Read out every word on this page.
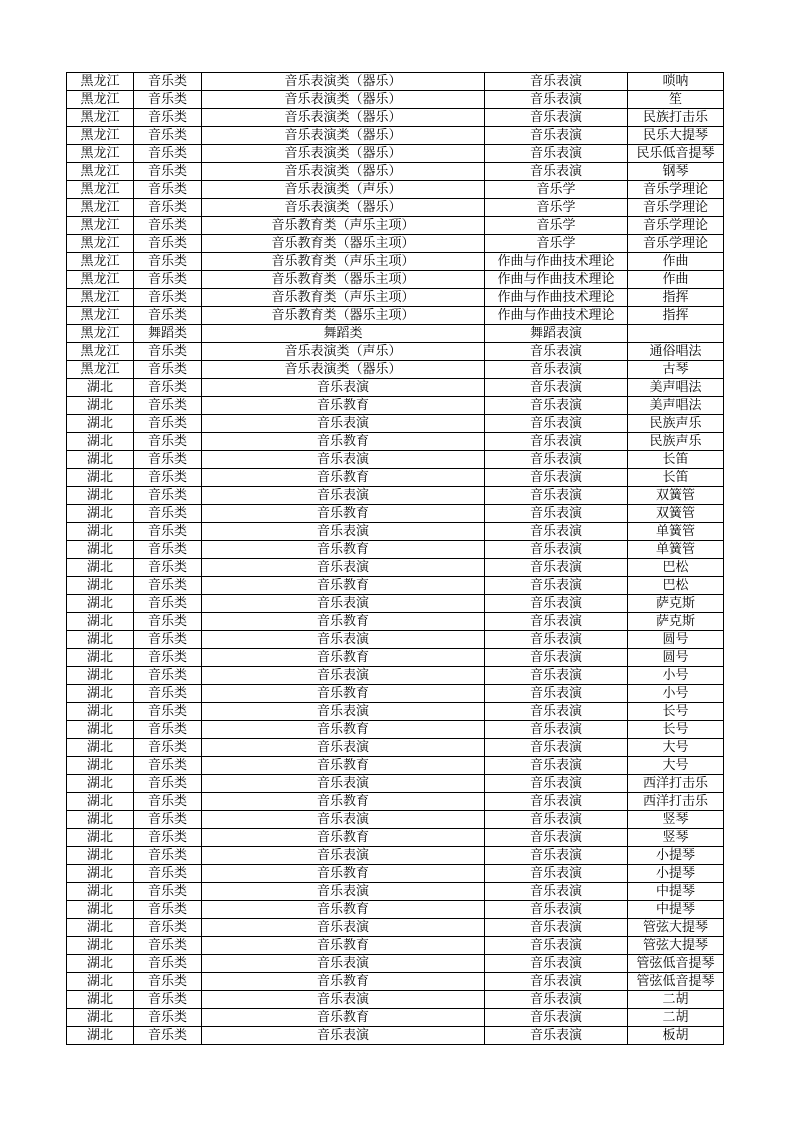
黑龙江	音乐类	音乐表演类（器乐）	音乐表演	唢呐
黑龙江	音乐类	音乐表演类（器乐）	音乐表演	笙
黑龙江	音乐类	音乐表演类（器乐）	音乐表演	民族打击乐
黑龙江	音乐类	音乐表演类（器乐）	音乐表演	民乐大提琴
黑龙江	音乐类	音乐表演类（器乐）	音乐表演	民乐低音提琴
黑龙江	音乐类	音乐表演类（器乐）	音乐表演	钢琴
黑龙江	音乐类	音乐表演类（声乐）	音乐学	音乐学理论
黑龙江	音乐类	音乐表演类（器乐）	音乐学	音乐学理论
黑龙江	音乐类	音乐教育类（声乐主项）	音乐学	音乐学理论
黑龙江	音乐类	音乐教育类（器乐主项）	音乐学	音乐学理论
黑龙江	音乐类	音乐教育类（声乐主项）	作曲与作曲技术理论	作曲
黑龙江	音乐类	音乐教育类（器乐主项）	作曲与作曲技术理论	作曲
黑龙江	音乐类	音乐教育类（声乐主项）	作曲与作曲技术理论	指挥
黑龙江	音乐类	音乐教育类（器乐主项）	作曲与作曲技术理论	指挥
黑龙江	舞蹈类	舞蹈类	舞蹈表演	
黑龙江	音乐类	音乐表演类（声乐）	音乐表演	通俗唱法
黑龙江	音乐类	音乐表演类（器乐）	音乐表演	古琴
湖北	音乐类	音乐表演	音乐表演	美声唱法
湖北	音乐类	音乐教育	音乐表演	美声唱法
湖北	音乐类	音乐表演	音乐表演	民族声乐
湖北	音乐类	音乐教育	音乐表演	民族声乐
湖北	音乐类	音乐表演	音乐表演	长笛
湖北	音乐类	音乐教育	音乐表演	长笛
湖北	音乐类	音乐表演	音乐表演	双簧管
湖北	音乐类	音乐教育	音乐表演	双簧管
湖北	音乐类	音乐表演	音乐表演	单簧管
湖北	音乐类	音乐教育	音乐表演	单簧管
湖北	音乐类	音乐表演	音乐表演	巴松
湖北	音乐类	音乐教育	音乐表演	巴松
湖北	音乐类	音乐表演	音乐表演	萨克斯
湖北	音乐类	音乐教育	音乐表演	萨克斯
湖北	音乐类	音乐表演	音乐表演	圆号
湖北	音乐类	音乐教育	音乐表演	圆号
湖北	音乐类	音乐表演	音乐表演	小号
湖北	音乐类	音乐教育	音乐表演	小号
湖北	音乐类	音乐表演	音乐表演	长号
湖北	音乐类	音乐教育	音乐表演	长号
湖北	音乐类	音乐表演	音乐表演	大号
湖北	音乐类	音乐教育	音乐表演	大号
湖北	音乐类	音乐表演	音乐表演	西洋打击乐
湖北	音乐类	音乐教育	音乐表演	西洋打击乐
湖北	音乐类	音乐表演	音乐表演	竖琴
湖北	音乐类	音乐教育	音乐表演	竖琴
湖北	音乐类	音乐表演	音乐表演	小提琴
湖北	音乐类	音乐教育	音乐表演	小提琴
湖北	音乐类	音乐表演	音乐表演	中提琴
湖北	音乐类	音乐教育	音乐表演	中提琴
湖北	音乐类	音乐表演	音乐表演	管弦大提琴
湖北	音乐类	音乐教育	音乐表演	管弦大提琴
湖北	音乐类	音乐表演	音乐表演	管弦低音提琴
湖北	音乐类	音乐教育	音乐表演	管弦低音提琴
湖北	音乐类	音乐表演	音乐表演	二胡
湖北	音乐类	音乐教育	音乐表演	二胡
湖北	音乐类	音乐表演	音乐表演	板胡
